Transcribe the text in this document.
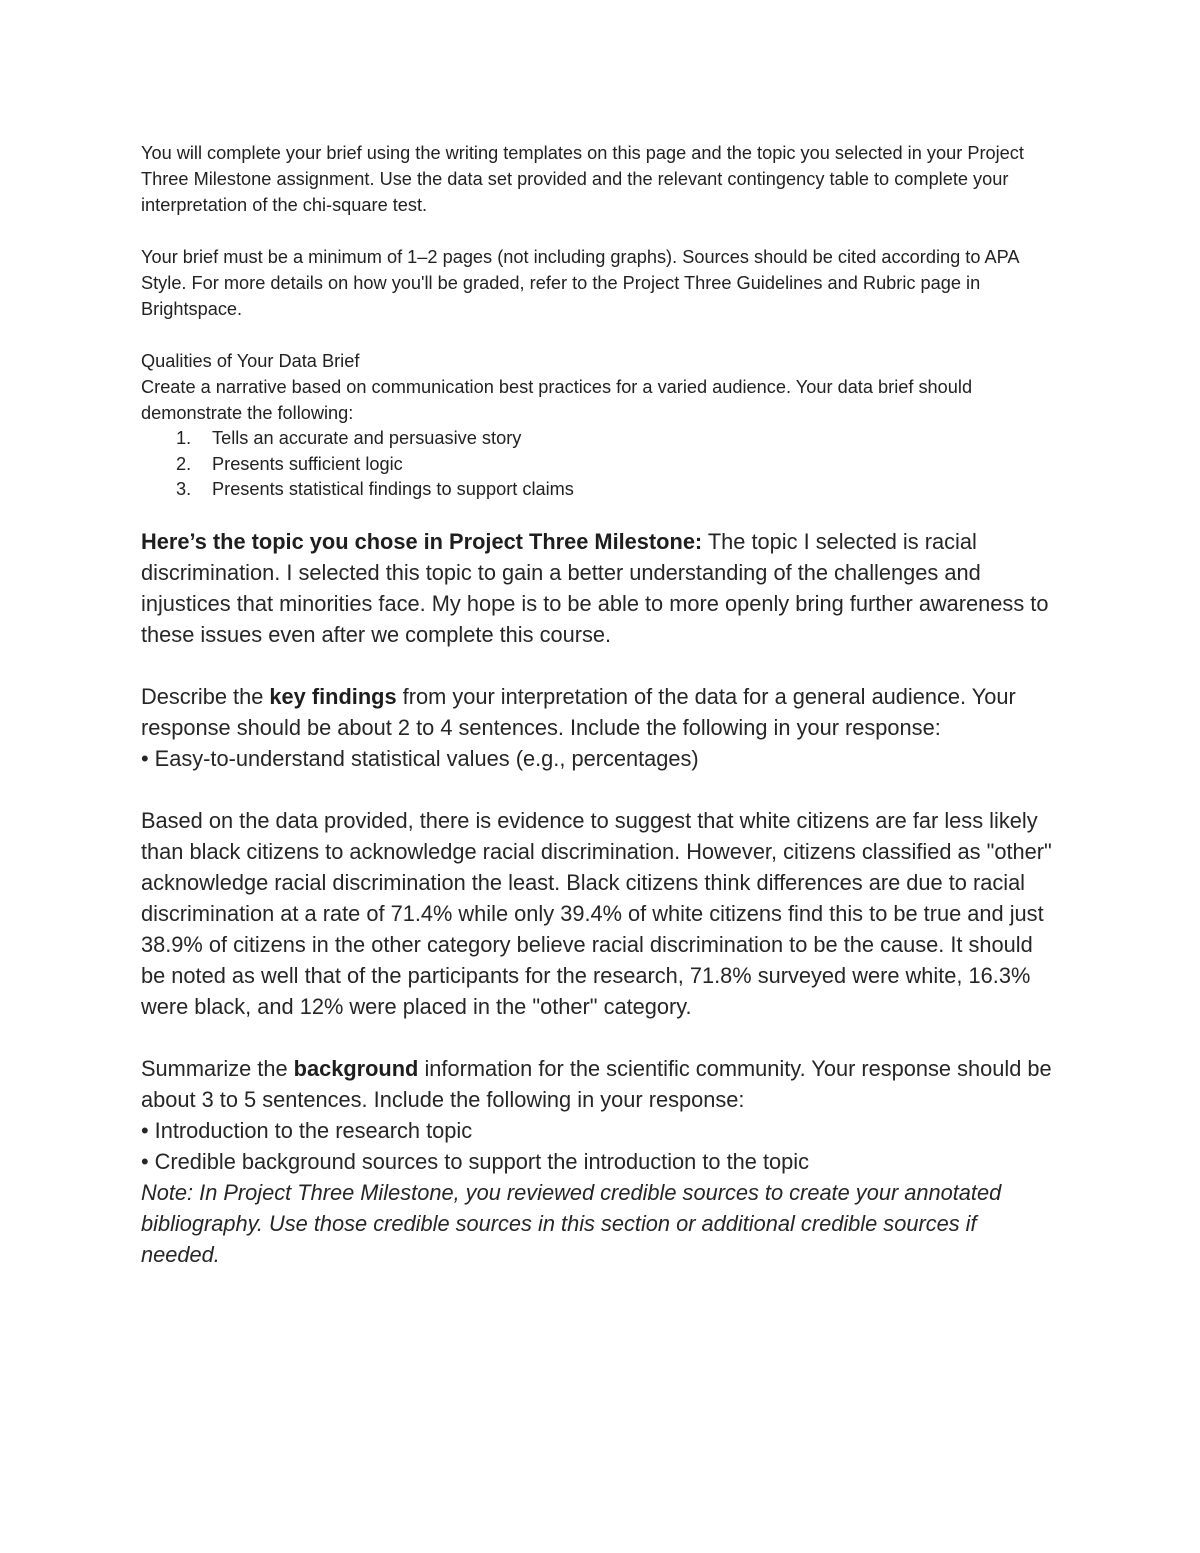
You will complete your brief using the writing templates on this page and the topic you selected in your Project Three Milestone assignment. Use the data set provided and the relevant contingency table to complete your interpretation of the chi-square test.

Your brief must be a minimum of 1–2 pages (not including graphs). Sources should be cited according to APA Style. For more details on how you'll be graded, refer to the Project Three Guidelines and Rubric page in Brightspace.

Qualities of Your Data Brief

Create a narrative based on communication best practices for a varied audience. Your data brief should demonstrate the following:

1. Tells an accurate and persuasive story
2. Presents sufficient logic
3. Presents statistical findings to support claims

Here’s the topic you chose in Project Three Milestone: The topic I selected is racial discrimination. I selected this topic to gain a better understanding of the challenges and injustices that minorities face. My hope is to be able to more openly bring further awareness to these issues even after we complete this course.

Describe the key findings from your interpretation of the data for a general audience. Your response should be about 2 to 4 sentences. Include the following in your response:

• Easy-to-understand statistical values (e.g., percentages)

Based on the data provided, there is evidence to suggest that white citizens are far less likely than black citizens to acknowledge racial discrimination. However, citizens classified as "other" acknowledge racial discrimination the least. Black citizens think differences are due to racial discrimination at a rate of 71.4% while only 39.4% of white citizens find this to be true and just 38.9% of citizens in the other category believe racial discrimination to be the cause. It should be noted as well that of the participants for the research, 71.8% surveyed were white, 16.3% were black, and 12% were placed in the "other" category.

Summarize the background information for the scientific community. Your response should be about 3 to 5 sentences. Include the following in your response:

• Introduction to the research topic

• Credible background sources to support the introduction to the topic

Note: In Project Three Milestone, you reviewed credible sources to create your annotated bibliography. Use those credible sources in this section or additional credible sources if needed.
